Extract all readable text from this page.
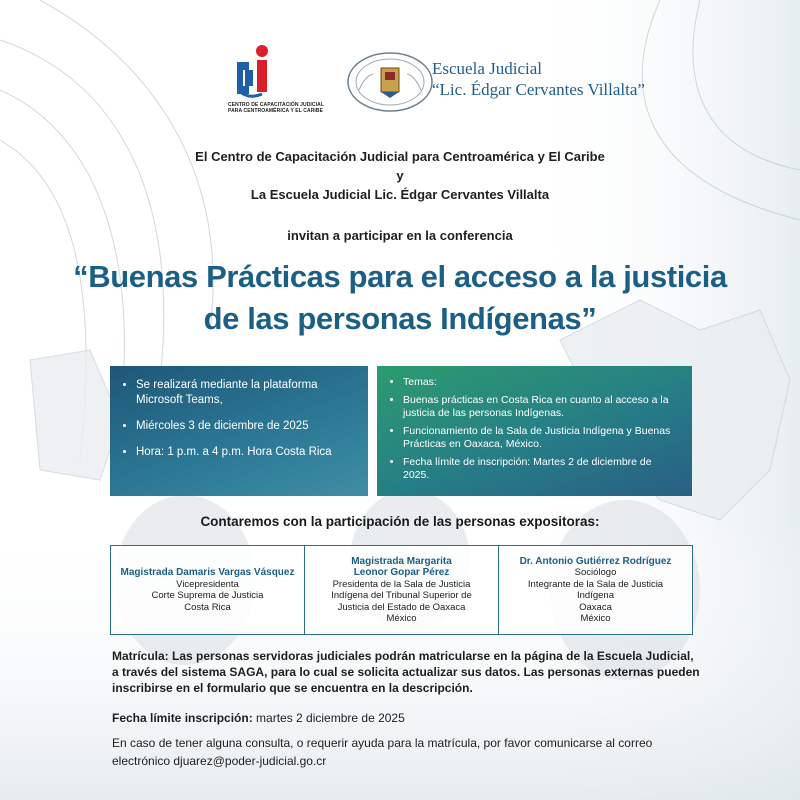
CENTRO DE CAPACITACIÓN JUDICIAL
PARA CENTROAMÉRICA Y EL CARIBE
Escuela Judicial
“Lic. Édgar Cervantes Villalta”
El Centro de Capacitación Judicial para Centroamérica y El Caribe
y
La Escuela Judicial Lic. Édgar Cervantes Villalta
invitan a participar en la conferencia
“Buenas Prácticas para el acceso a la justicia
de las personas Indígenas”
• Se realizará mediante la plataforma Microsoft Teams,
• Miércoles 3 de diciembre de 2025
• Hora: 1 p.m. a 4 p.m. Hora Costa Rica
• Temas:
• Buenas prácticas en Costa Rica en cuanto al acceso a la justicia de las personas Indígenas.
• Funcionamiento de la Sala de Justicia Indígena y Buenas Prácticas en Oaxaca, México.
• Fecha límite de inscripción: Martes 2 de diciembre de 2025.
Contaremos con la participación de las personas expositoras:
Magistrada Damaris Vargas Vásquez
Vicepresidenta
Corte Suprema de Justicia
Costa Rica
Magistrada Margarita
Leonor Gopar Pérez
Presidenta de la Sala de Justicia
Indígena del Tribunal Superior de
Justicia del Estado de Oaxaca
México
Dr. Antonio Gutiérrez Rodríguez
Sociólogo
Integrante de la Sala de Justicia
Indígena
Oaxaca
México
Matrícula: Las personas servidoras judiciales podrán matricularse en la página de la Escuela Judicial, a través del sistema SAGA, para lo cual se solicita actualizar sus datos. Las personas externas pueden inscribirse en el formulario que se encuentra en la descripción.
Fecha límite inscripción: martes 2 diciembre de 2025
En caso de tener alguna consulta, o requerir ayuda para la matrícula, por favor comunicarse al correo electrónico djuarez@poder-judicial.go.cr
